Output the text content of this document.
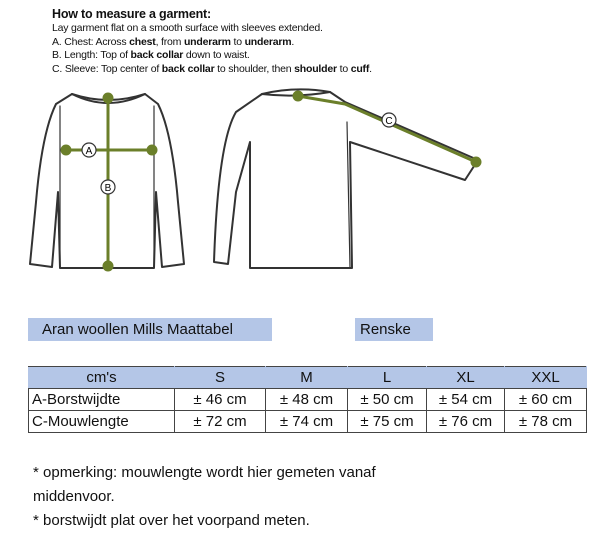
How to measure a garment:
Lay garment flat on a smooth surface with sleeves extended.
A. Chest: Across chest, from underarm to underarm.
B. Length: Top of back collar down to waist.
C. Sleeve: Top center of back collar to shoulder, then shoulder to cuff.
A
B
C
Aran woollen Mills Maattabel	Renske
cm's	S	M	L	XL	XXL
A-Borstwijdte	± 46 cm	± 48 cm	± 50 cm	± 54 cm	± 60 cm
C-Mouwlengte	± 72 cm	± 74 cm	± 75 cm	± 76 cm	± 78 cm
* opmerking: mouwlengte wordt hier gemeten vanaf
middenvoor.
* borstwijdt plat over het voorpand meten.
